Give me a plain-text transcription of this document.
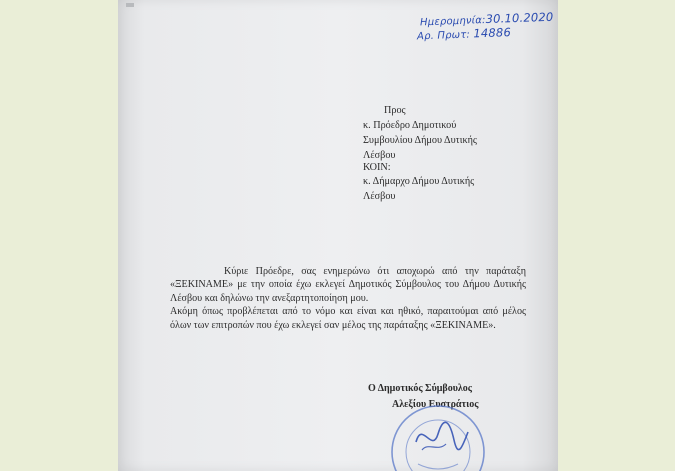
Ημερομηνία:30.10.2020
Αρ. Πρωτ: 14886
Προς
κ. Πρόεδρο Δημοτικού
Συμβουλίου Δήμου Δυτικής
Λέσβου
ΚΟΙΝ:
κ. Δήμαρχο Δήμου Δυτικής
Λέσβου

Κύριε Πρόεδρε, σας ενημερώνω ότι αποχωρώ από την παράταξη «ΞΕΚΙΝΑΜΕ» με την οποία έχω εκλεγεί Δημοτικός Σύμβουλος του Δήμου Δυτικής Λέσβου και δηλώνω την ανεξαρτητοποίηση μου.

Ακόμη όπως προβλέπεται από το νόμο και είναι και ηθικό, παραιτούμαι από μέλος όλων των επιτροπών που έχω εκλεγεί σαν μέλος της παράταξης «ΞΕΚΙΝΑΜΕ».

Ο Δημοτικός Σύμβουλος
Αλεξίου Ευστράτιος
